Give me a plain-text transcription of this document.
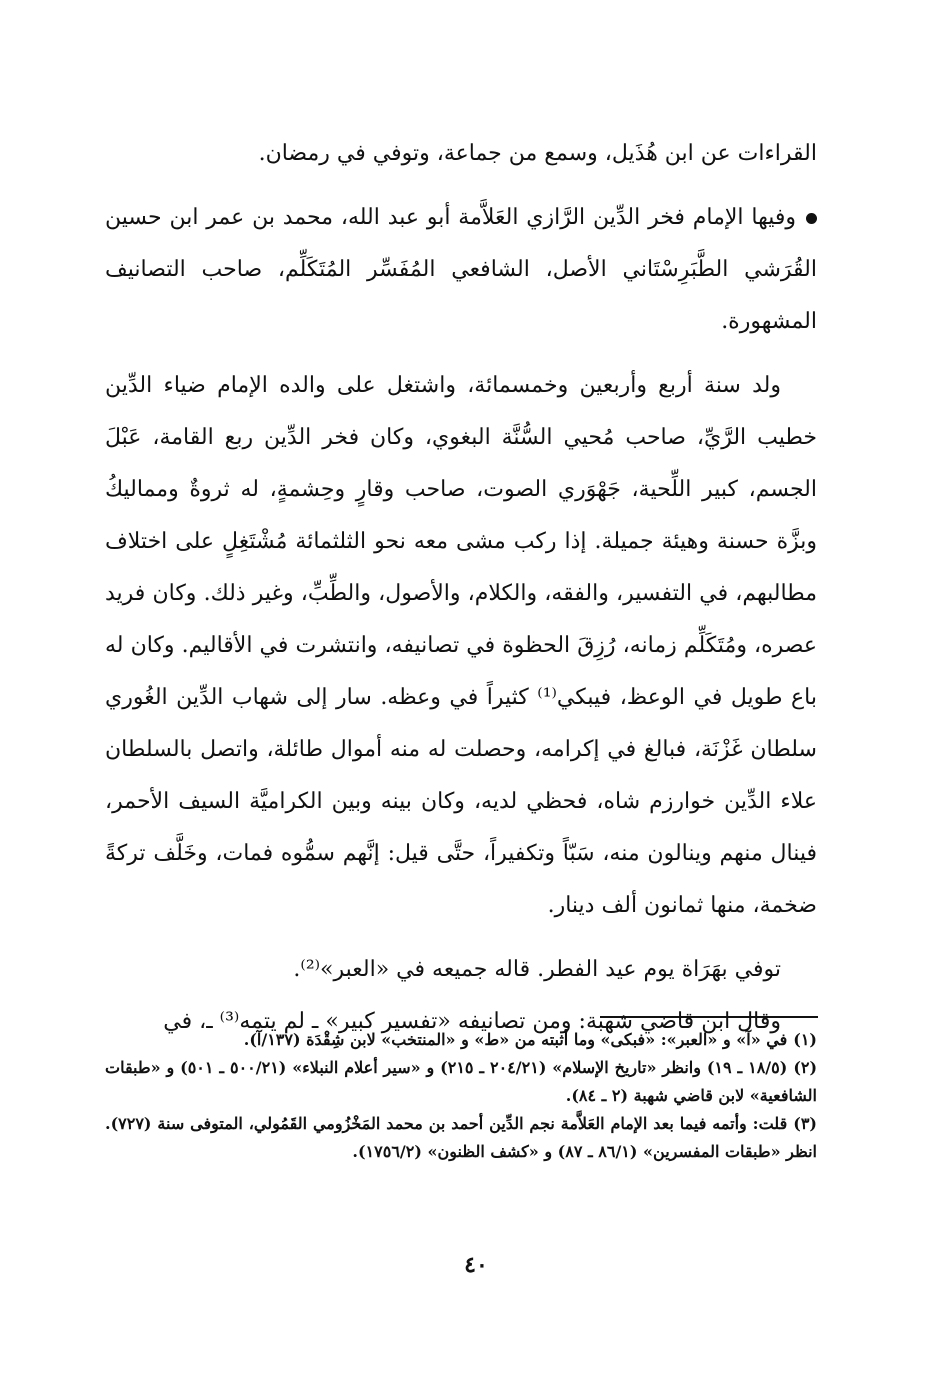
القراءات عن ابن هُذَيل، وسمع من جماعة، وتوفي في رمضان.

وفيها الإمام فخر الدِّين الرَّازي العَلاَّمة أبو عبد الله، محمد بن عمر ابن حسين القُرَشي الطَّبَرِسْتَاني الأصل، الشافعي المُفَسِّر المُتَكَلِّم، صاحب التصانيف المشهورة.

ولد سنة أربع وأربعين وخمسمائة، واشتغل على والده الإمام ضياء الدِّين خطيب الرَّيِّ، صاحب مُحيي السُّنَّة البغوي، وكان فخر الدِّين ربع القامة، عَبْلَ الجسم، كبير اللِّحية، جَهْوَري الصوت، صاحب وقارٍ وحِشمةٍ، له ثروةٌ ومماليكُ وبزَّة حسنة وهيئة جميلة. إذا ركب مشى معه نحو الثلثمائة مُشْتَغِلٍ على اختلاف مطالبهم، في التفسير، والفقه، والكلام، والأصول، والطِّبِّ، وغير ذلك. وكان فريد عصره، ومُتَكَلِّم زمانه، رُزِقَ الحظوة في تصانيفه، وانتشرت في الأقاليم. وكان له باع طويل في الوعظ، فيبكي⁽¹⁾ كثيراً في وعظه. سار إلى شهاب الدِّين الغُوري سلطان غَزْنَة، فبالغ في إكرامه، وحصلت له منه أموال طائلة، واتصل بالسلطان علاء الدِّين خوارزم شاه، فحظي لديه، وكان بينه وبين الكراميَّة السيف الأحمر، فينال منهم وينالون منه، سَبّاً وتكفيراً، حتَّى قيل: إنَّهم سمُّوه فمات، وخَلَّف تركةً ضخمة، منها ثمانون ألف دينار.

توفي بهَرَاة يوم عيد الفطر. قاله جميعه في «العبر»⁽²⁾.

وقال ابن قاضي شهبة: ومن تصانيفه «تفسير كبير» ـ لم يتمه⁽³⁾ ـ، في

(١)في «آ» و «العبر»: «فبكى» وما أثبته من «ط» و «المنتخب» لابن شِقْدَة (١٣٧/آ).

(٢)(١٨/٥ ـ ١٩) وانظر «تاريخ الإسلام» (٢٠٤/٢١ ـ ٢١٥) و «سير أعلام النبلاء» (٥٠٠/٢١ ـ ٥٠١) و «طبقات الشافعية» لابن قاضي شهبة (٢ ـ ٨٤).

(٣)قلت: وأتمه فيما بعد الإمام العَلاَّمة نجم الدِّين أحمد بن محمد المَخْزُومي القَمُولي، المتوفى سنة (٧٢٧). انظر «طبقات المفسرين» (٨٦/١ ـ ٨٧) و «كشف الظنون» (١٧٥٦/٢).

٤٠
